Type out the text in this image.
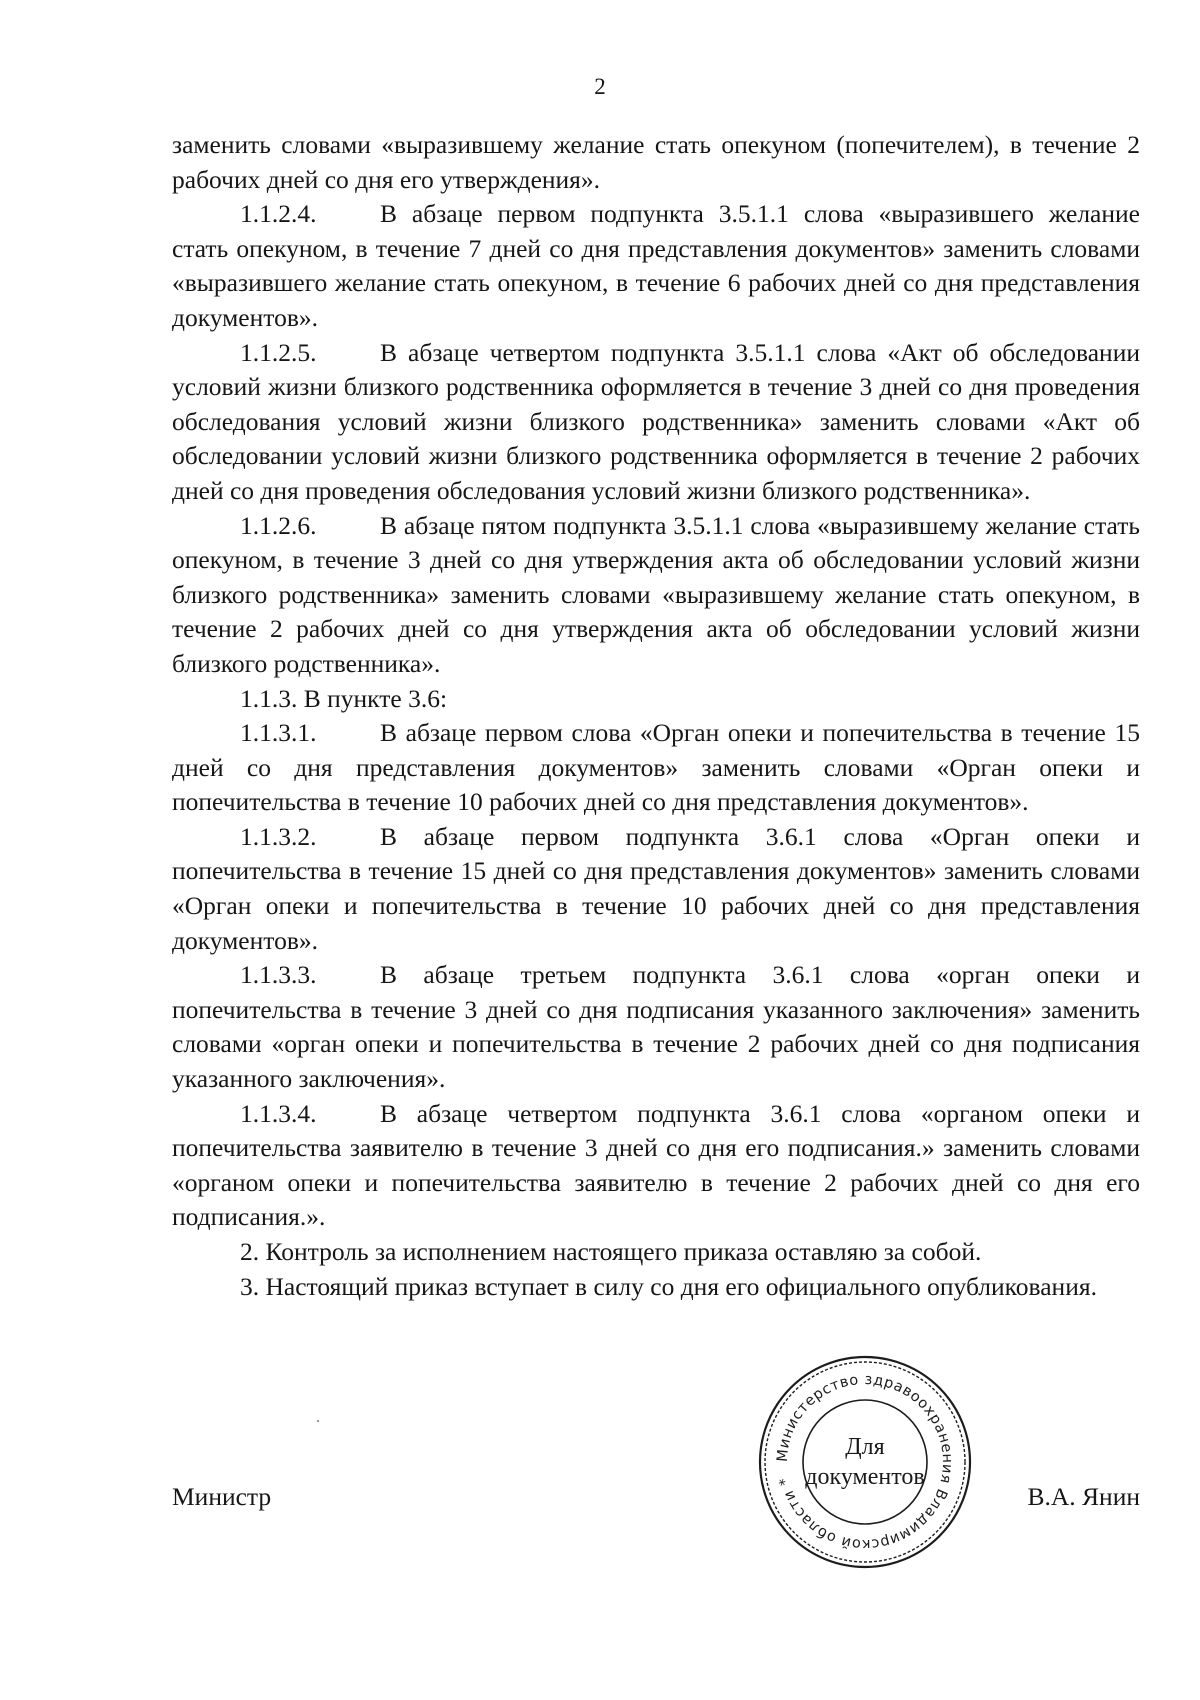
2

заменить словами «выразившему желание стать опекуном (попечителем), в течение 2 рабочих дней со дня его утверждения».

1.1.2.4. В абзаце первом подпункта 3.5.1.1 слова «выразившего желание стать опекуном, в течение 7 дней со дня представления документов» заменить словами «выразившего желание стать опекуном, в течение 6 рабочих дней со дня представления документов».

1.1.2.5. В абзаце четвертом подпункта 3.5.1.1 слова «Акт об обследовании условий жизни близкого родственника оформляется в течение 3 дней со дня проведения обследования условий жизни близкого родственника» заменить словами «Акт об обследовании условий жизни близкого родственника оформляется в течение 2 рабочих дней со дня проведения обследования условий жизни близкого родственника».

1.1.2.6. В абзаце пятом подпункта 3.5.1.1 слова «выразившему желание стать опекуном, в течение 3 дней со дня утверждения акта об обследовании условий жизни близкого родственника» заменить словами «выразившему желание стать опекуном, в течение 2 рабочих дней со дня утверждения акта об обследовании условий жизни близкого родственника».

1.1.3. В пункте 3.6:

1.1.3.1. В абзаце первом слова «Орган опеки и попечительства в течение 15 дней со дня представления документов» заменить словами «Орган опеки и попечительства в течение 10 рабочих дней со дня представления документов».

1.1.3.2. В абзаце первом подпункта 3.6.1 слова «Орган опеки и попечительства в течение 15 дней со дня представления документов» заменить словами «Орган опеки и попечительства в течение 10 рабочих дней со дня представления документов».

1.1.3.3. В абзаце третьем подпункта 3.6.1 слова «орган опеки и попечительства в течение 3 дней со дня подписания указанного заключения» заменить словами «орган опеки и попечительства в течение 2 рабочих дней со дня подписания указанного заключения».

1.1.3.4. В абзаце четвертом подпункта 3.6.1 слова «органом опеки и попечительства заявителю в течение 3 дней со дня его подписания.» заменить словами «органом опеки и попечительства заявителю в течение 2 рабочих дней со дня его подписания.».

2. Контроль за исполнением настоящего приказа оставляю за собой.

3. Настоящий приказ вступает в силу со дня его официального опубликования.

Министр	В.А. Янин
Министерство здравоохранения Владимирской области *
Для
документов
